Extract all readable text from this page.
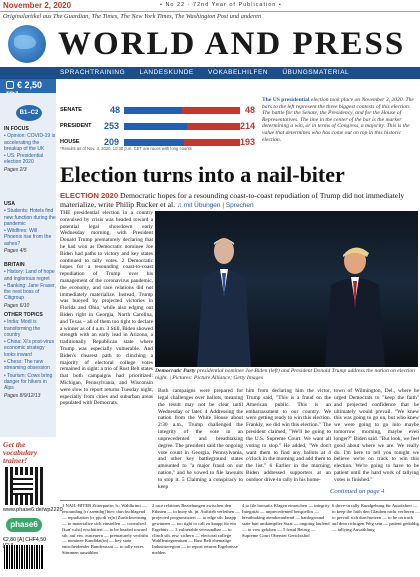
November 2, 2020	• No 22 · 72nd Year of Publication •
Originalartikel aus The Guardian, The Times, The New York Times, The Washington Post und anderen
WORLD AND PRESS
SPRACHTRAINING LANDESKUNDE VOKABELHILFEN ÜBUNGSMATERIAL
€ 2,50
B1–C2
IN FOCUS
• Opinion: COVID-19 is accelerating the breakup of the UK
• US: Presidential election 2020
Pages 2/3
USA
• Students: Hotels find new function during the pandemic
• Wildfires: Will Phoenix rise from the ashes?
Pages 4/5
BRITAIN
• History: Land of hope and inglorious regret
• Banking: Jane Fraser, the next boss of Citigroup
Pages 6/10
OTHER TOPICS
• India: Modi is transforming the country
• China: Xi's post-virus economic strategy looks inward
• Chess: The new streaming obsession
• Tourism: Cows bring danger for hikers in Alps
Pages 8/9/12/13
Get the vocabulary trainer!
www.phase6.de/wp2220
phase6
€2,80 [A] CHF4,50
SENATE	48	48
PRESIDENT 253	214
HOUSE	209	193
*Results as of Nov. 4, 2020, 10:30 p.m. CET are races with long counts
The US presidential election took place on November 3, 2020. The bars to the left represent the three biggest contests of this election: The battle for the Senate, the Presidency, and for the House of Representatives. The line in the center of the bar is the marker determining a win, or in terms of Congress, a majority. This is the value that determines who has come out on top in this historic election.
Election turns into a nail-biter
ELECTION 2020 Democratic hopes for a resounding coast-to-coast repudiation of Trump did not immediately materialize, write Philip Rucker et al. ♫ mit Übungen | Sprechen
THE presidential election in a country convulsed by crisis was headed toward a potential legal showdown early Wednesday morning, with President Donald Trump prematurely declaring that he had won as Democratic nominee Joe Biden had paths to victory and key states continued to tally votes. 2 Democratic hopes for a resounding coast-to-coast repudiation of Trump over his management of the coronavirus pandemic, the economy, and race relations did not immediately materialize. Instead, Trump was buoyed by projected victories in Florida and Ohio, while also edging out Biden right in Georgia, North Carolina, and Texas – all of them too tight to declare a winner as of 4 a.m. 3 Still, Biden showed strength with an early lead in Arizona, a traditionally Republican state where Trump was especially vulnerable. And Biden's clearest path to clinching a majority of electoral college votes remained in sight: a trio of Rust Belt states that both campaigns had prioritized: Michigan, Pennsylvania, and Wisconsin were slow to report returns Tuesday night, especially from cities and suburban areas populated with Democrats.
Democratic Party presidential nominee Joe Biden (left) and President Donald Trump address the nation on election night. | Pictures: Picture Alliance; Getty Images
Both campaigns were prepared for legal challenges over ballots, meaning the result may not be clear until Wednesday or later. 4 Addressing the nation from the White House about 2:30 a.m., Trump challenged the integrity of the vote in an unprecedented and breathtaking degree. The president said the ongoing vote count in Georgia, Pennsylvania, and other key battleground states amounted to "a major fraud on our nation," and he vowed to file lawsuits to stop it. 5 Claiming a conspiracy to keep
him from declaring him the victor, Trump said, "This is a fraud on the American public. This is an embarrassment to our country. We were getting ready to win this election. Frankly, we did win this election." The president claimed, "We'll be going to the U.S. Supreme Court. We want all voting to stop." He added, "We don't want them to find any ballots at 4 o'clock in the morning and add them to the list." 6 Earlier in the morning, Biden addressed supporters at an outdoor drive-in rally in his home-
town of Wilmington, Del., where he urged Democrats to "keep the faith" and projected confidence that he ultimately would prevail. "We knew this was going to go on, but who knew we were going to go into maybe tomorrow morning, maybe even longer?" Biden said. "But look, we feel good about where we are. We really do. I'm here to tell you tonight we believe we're on track to win this election. We're going to have to be patient until the hard work of tallying votes is finished."
Continued on page 4
1 NAIL-BITER Zitterpartie; h.: Wahlkrimi — resounding [rɪˈzaʊndɪŋ] hier: durchschlagend — repudiation [rɪˌpjuːdiˈeɪʃn] Zurückweisung — to materialize sich einstellen — convulsed [kənˈvʌlst] erschüttert — to be headed toward sth. auf etw. zusteuern — prematurely verfrüht — nominee Kandidat(in) — key state entscheidender Bundesstaat — to tally votes Stimmen auszählen
2 race relations Beziehungen zwischen den Ethnien — to buoy sb. jn. Auftrieb verleihen — projected prognostiziert — to edge sth. knapp gewinnen — too tight to call zu knapp für ein Ergebnis — 3 vulnerable verwundbar — to clinch sth. etw. sichern — electoral college Wahlleutegremium — Rust Belt ehemalige Industrieregion — to report returns Ergebnisse melden
4 to file lawsuits Klagen einreichen — integrity Integrität — unprecedented beispiellos — breathtaking atemberaubend — battleground state hart umkämpfter Staat — ongoing laufend — to vow geloben — 5 fraud Betrug — Supreme Court Oberster Gerichtshof
6 drive-in rally Kundgebung für Autofahrer — to keep the faith den Glauben nicht verlieren — to prevail sich durchsetzen — to be on track auf dem richtigen Weg sein — patient geduldig — tallying Auszählung
